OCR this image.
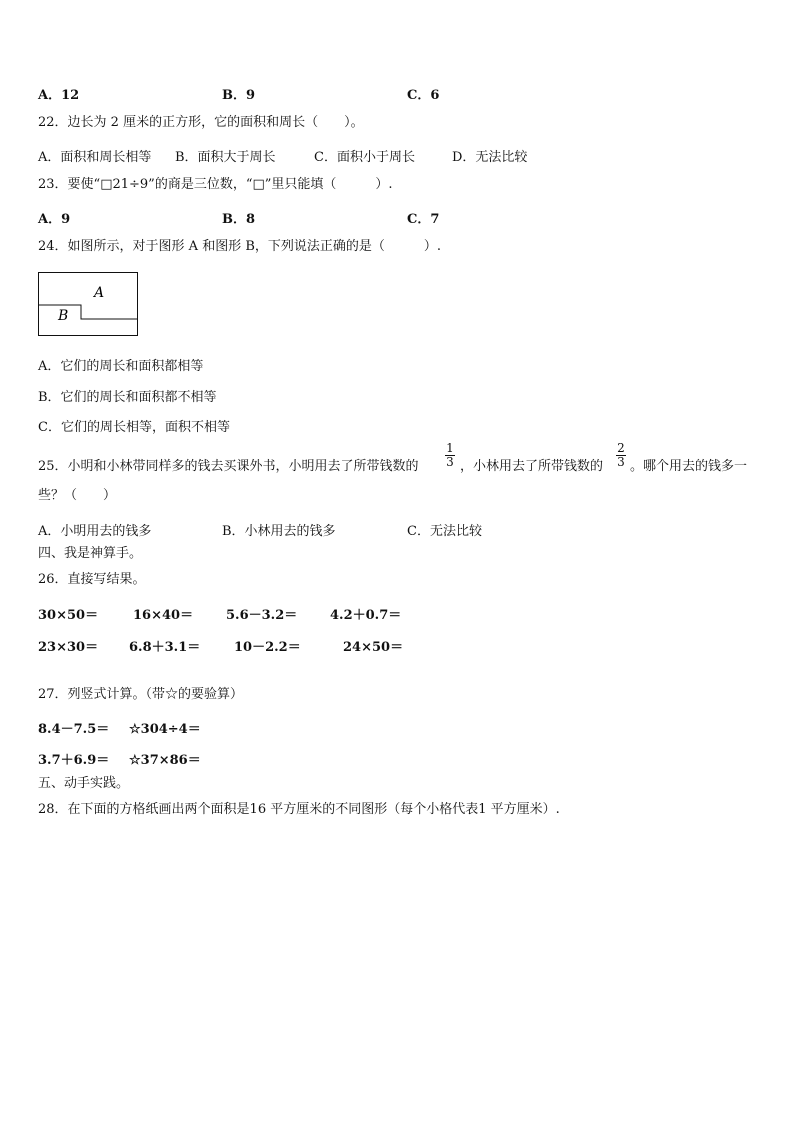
A．12	B．9	C．6
22．边长为 2 厘米的正方形，它的面积和周长（　　）。
A．面积和周长相等 B．面积大于周长	C．面积小于周长	D．无法比较
23．要使“□21÷9”的商是三位数，“□”里只能填（　　　）.
A．9	B．8	C．7
24．如图所示，对于图形 A 和图形 B，下列说法正确的是（　　　）.
A
B
A．它们的周长和面积都相等
B．它们的周长和面积都不相等
C．它们的周长相等，面积不相等
25．小明和小林带同样多的钱去买课外书，小明用去了所带钱数的
1
3 ，小林用去了所带钱数的
2
3 。哪个用去的钱多一
些？（　　）
A．小明用去的钱多	B．小林用去的钱多	C．无法比较
四、我是神算手。
26．直接写结果。
30×50＝	16×40＝	5.6－3.2＝	4.2＋0.7＝
23×30＝ 6.8＋3.1＝	10－2.2＝	24×50＝
27．列竖式计算。（带☆的要验算）
8.4－7.5＝ ☆304÷4＝
3.7＋6.9＝ ☆37×86＝
五、动手实践。
28．在下面的方格纸画出两个面积是16 平方厘米的不同图形（每个小格代表1 平方厘米）.
